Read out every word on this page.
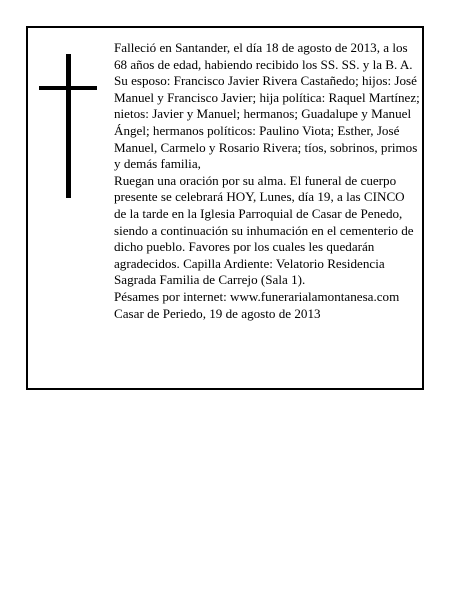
Falleció en Santander, el día 18 de agosto de 2013, a los 68 años de edad, habiendo recibido los SS. SS. y la B. A.

Su esposo: Francisco Javier Rivera Castañedo; hijos: José Manuel y Francisco Javier; hija política: Raquel Martínez; nietos: Javier y Manuel; hermanos; Guadalupe y Manuel Ángel; hermanos políticos: Paulino Viota; Esther, José Manuel, Carmelo y Rosario Rivera; tíos, sobrinos, primos y demás familia,

Ruegan una oración por su alma. El funeral de cuerpo presente se celebrará HOY, Lunes, día 19, a las CINCO de la tarde en la Iglesia Parroquial de Casar de Penedo, siendo a continuación su inhumación en el cementerio de dicho pueblo. Favores por los cuales les quedarán agradecidos. Capilla Ardiente: Velatorio Residencia Sagrada Familia de Carrejo (Sala 1).

Pésames por internet: www.funerarialamontanesa.com

Casar de Periedo, 19 de agosto de 2013
